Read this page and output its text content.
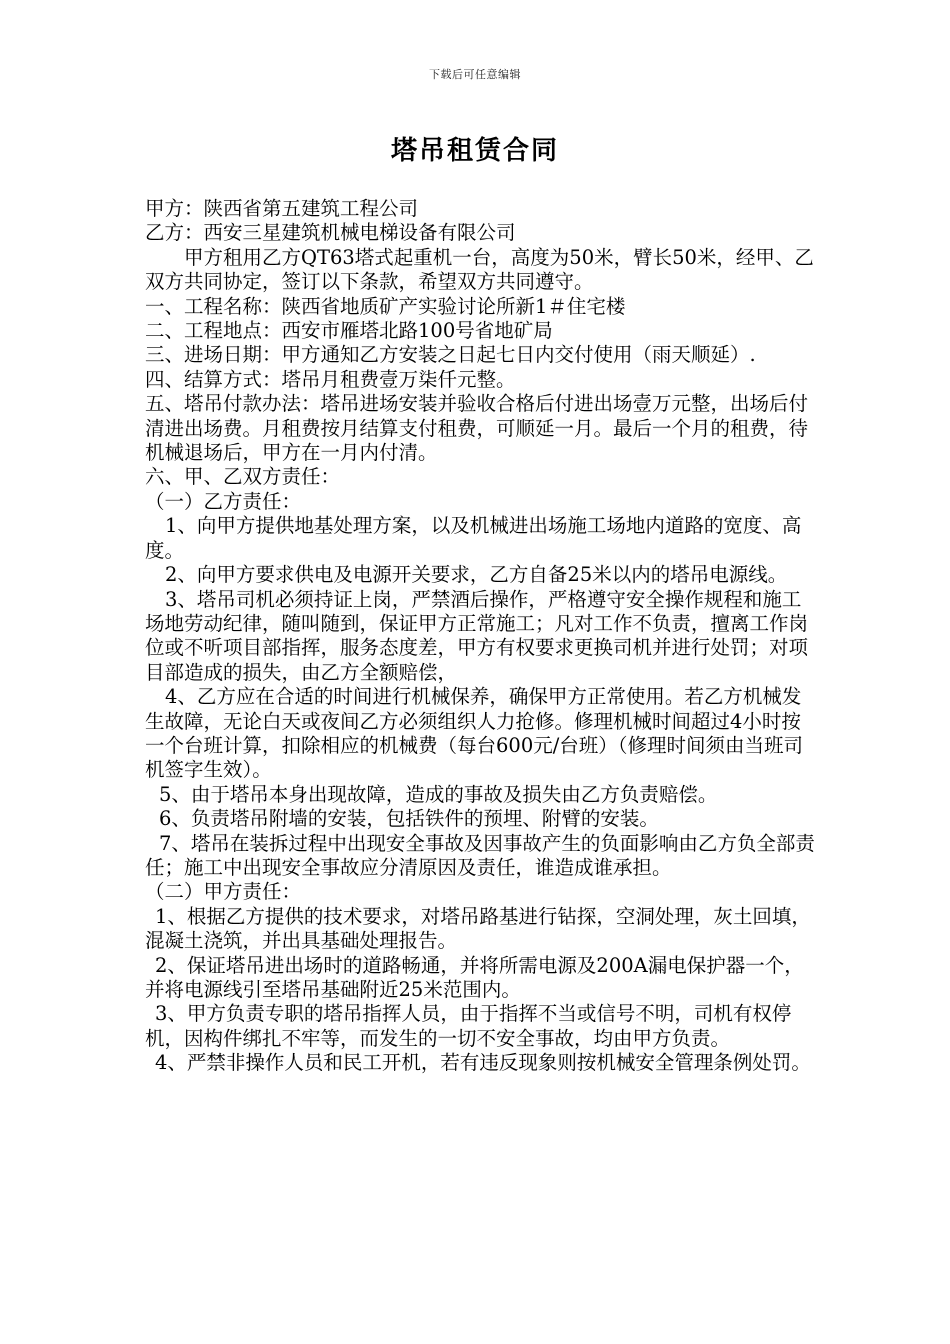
下载后可任意编辑
塔吊租赁合同

甲方：陕西省第五建筑工程公司

乙方：西安三星建筑机械电梯设备有限公司

甲方租用乙方QT63塔式起重机一台，高度为50米，臂长50米，经甲、乙双方共同协定，签订以下条款，希望双方共同遵守。

一、工程名称：陕西省地质矿产实验讨论所新1＃住宅楼

二、工程地点：西安市雁塔北路100号省地矿局

三、进场日期：甲方通知乙方安装之日起七日内交付使用（雨天顺延）.

四、结算方式：塔吊月租费壹万柒仟元整。

五、塔吊付款办法：塔吊进场安装并验收合格后付进出场壹万元整，出场后付清进出场费。月租费按月结算支付租费，可顺延一月。最后一个月的租费，待机械退场后，甲方在一月内付清。

六、甲、乙双方责任：

（一）乙方责任：

1、向甲方提供地基处理方案，以及机械进出场施工场地内道路的宽度、高度。

2、向甲方要求供电及电源开关要求，乙方自备25米以内的塔吊电源线。

3、塔吊司机必须持证上岗，严禁酒后操作，严格遵守安全操作规程和施工场地劳动纪律，随叫随到，保证甲方正常施工；凡对工作不负责，擅离工作岗位或不听项目部指挥，服务态度差，甲方有权要求更换司机并进行处罚；对项目部造成的损失，由乙方全额赔偿，

4、乙方应在合适的时间进行机械保养，确保甲方正常使用。若乙方机械发生故障，无论白天或夜间乙方必须组织人力抢修。修理机械时间超过4小时按一个台班计算，扣除相应的机械费（每台600元/台班）（修理时间须由当班司机签字生效）。

5、由于塔吊本身出现故障，造成的事故及损失由乙方负责赔偿。

6、负责塔吊附墙的安装，包括铁件的预埋、附臂的安装。

7、塔吊在装拆过程中出现安全事故及因事故产生的负面影响由乙方负全部责任；施工中出现安全事故应分清原因及责任，谁造成谁承担。

（二）甲方责任：

1、根据乙方提供的技术要求，对塔吊路基进行钻探，空洞处理，灰土回填，混凝土浇筑，并出具基础处理报告。

2、保证塔吊进出场时的道路畅通，并将所需电源及200A漏电保护器一个，并将电源线引至塔吊基础附近25米范围内。

3、甲方负责专职的塔吊指挥人员，由于指挥不当或信号不明，司机有权停机，因构件绑扎不牢等，而发生的一切不安全事故，均由甲方负责。

4、严禁非操作人员和民工开机，若有违反现象则按机械安全管理条例处罚。
